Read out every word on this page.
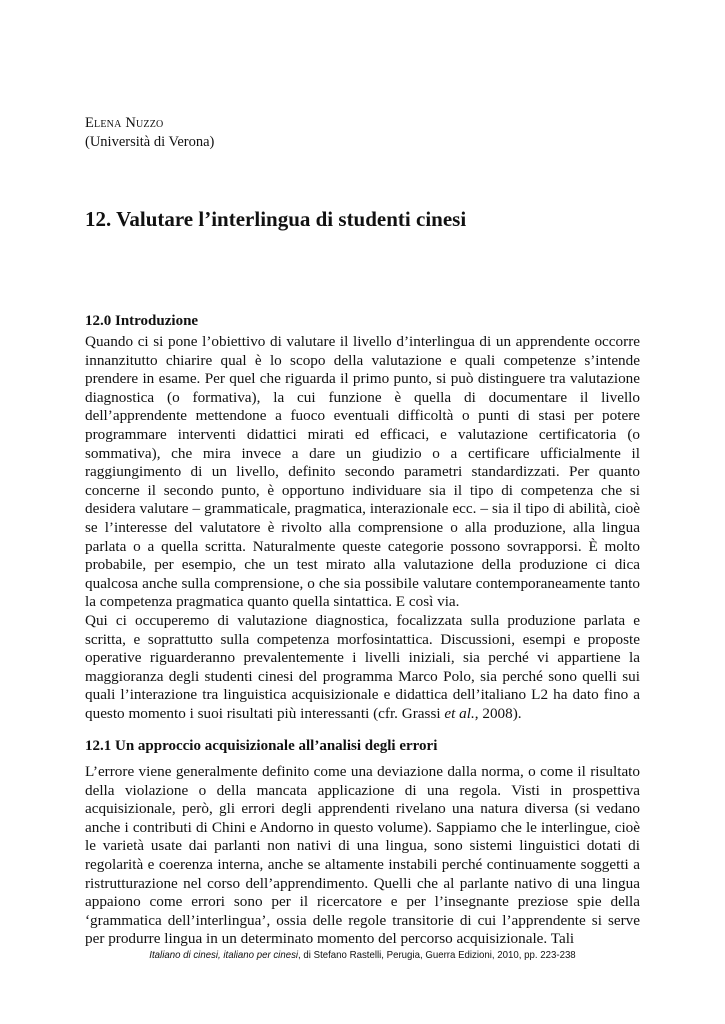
Elena Nuzzo
(Università di Verona)
12. Valutare l’interlingua di studenti cinesi
12.0 Introduzione

Quando ci si pone l’obiettivo di valutare il livello d’interlingua di un apprendente occorre innanzitutto chiarire qual è lo scopo della valutazione e quali competenze s’intende prendere in esame. Per quel che riguarda il primo punto, si può distinguere tra valutazione diagnostica (o formativa), la cui funzione è quella di documentare il livello dell’apprendente mettendone a fuoco eventuali difficoltà o punti di stasi per potere programmare interventi didattici mirati ed efficaci, e valutazione certificatoria (o sommativa), che mira invece a dare un giudizio o a certificare ufficialmente il raggiungimento di un livello, definito secondo parametri standardizzati. Per quanto concerne il secondo punto, è opportuno individuare sia il tipo di competenza che si desidera valutare – grammaticale, pragmatica, interazionale ecc. – sia il tipo di abilità, cioè se l’interesse del valutatore è rivolto alla comprensione o alla produzione, alla lingua parlata o a quella scritta. Naturalmente queste categorie possono sovrapporsi. È molto probabile, per esempio, che un test mirato alla valutazione della produzione ci dica qualcosa anche sulla comprensione, o che sia possibile valutare contemporaneamente tanto la competenza pragmatica quanto quella sintattica. E così via.

Qui ci occuperemo di valutazione diagnostica, focalizzata sulla produzione parlata e scritta, e soprattutto sulla competenza morfosintattica. Discussioni, esempi e proposte operative riguarderanno prevalentemente i livelli iniziali, sia perché vi appartiene la maggioranza degli studenti cinesi del programma Marco Polo, sia perché sono quelli sui quali l’interazione tra linguistica acquisizionale e didattica dell’italiano L2 ha dato fino a questo momento i suoi risultati più interessanti (cfr. Grassi et al., 2008).

12.1 Un approccio acquisizionale all’analisi degli errori

L’errore viene generalmente definito come una deviazione dalla norma, o come il risultato della violazione o della mancata applicazione di una regola. Visti in prospettiva acquisizionale, però, gli errori degli apprendenti rivelano una natura diversa (si vedano anche i contributi di Chini e Andorno in questo volume). Sappiamo che le interlingue, cioè le varietà usate dai parlanti non nativi di una lingua, sono sistemi linguistici dotati di regolarità e coerenza interna, anche se altamente instabili perché continuamente soggetti a ristrutturazione nel corso dell’apprendimento. Quelli che al parlante nativo di una lingua appaiono come errori sono per il ricercatore e per l’insegnante preziose spie della ‘grammatica dell’interlingua’, ossia delle regole transitorie di cui l’apprendente si serve per produrre lingua in un determinato momento del percorso acquisizionale. Tali

Italiano di cinesi, italiano per cinesi, di Stefano Rastelli, Perugia, Guerra Edizioni, 2010, pp. 223-238
